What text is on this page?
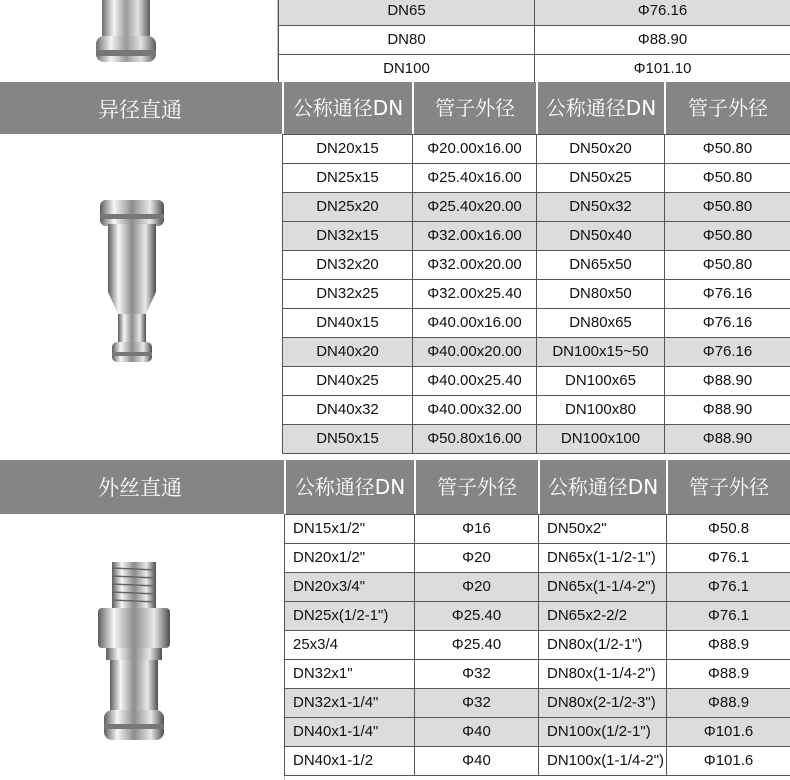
DN65	Φ76.16
DN80	Φ88.90
DN100	Φ101.10
异径直通	公称通径DN	管子外径	公称通径DN	管子外径
DN20x15	Φ20.00x16.00	DN50x20	Φ50.80
DN25x15	Φ25.40x16.00	DN50x25	Φ50.80
DN25x20	Φ25.40x20.00	DN50x32	Φ50.80
DN32x15	Φ32.00x16.00	DN50x40	Φ50.80
DN32x20	Φ32.00x20.00	DN65x50	Φ50.80
DN32x25	Φ32.00x25.40	DN80x50	Φ76.16
DN40x15	Φ40.00x16.00	DN80x65	Φ76.16
DN40x20	Φ40.00x20.00	DN100x15~50	Φ76.16
DN40x25	Φ40.00x25.40	DN100x65	Φ88.90
DN40x32	Φ40.00x32.00	DN100x80	Φ88.90
DN50x15	Φ50.80x16.00	DN100x100	Φ88.90
外丝直通	公称通径DN	管子外径	公称通径DN	管子外径
DN15x1/2"	Φ16	DN50x2"	Φ50.8
DN20x1/2"	Φ20	DN65x(1-1/2-1")	Φ76.1
DN20x3/4"	Φ20	DN65x(1-1/4-2")	Φ76.1
DN25x(1/2-1")	Φ25.40	DN65x2-2/2	Φ76.1
25x3/4	Φ25.40	DN80x(1/2-1")	Φ88.9
DN32x1"	Φ32	DN80x(1-1/4-2")	Φ88.9
DN32x1-1/4"	Φ32	DN80x(2-1/2-3")	Φ88.9
DN40x1-1/4"	Φ40	DN100x(1/2-1")	Φ101.6
DN40x1-1/2	Φ40	DN100x(1-1/4-2")	Φ101.6
